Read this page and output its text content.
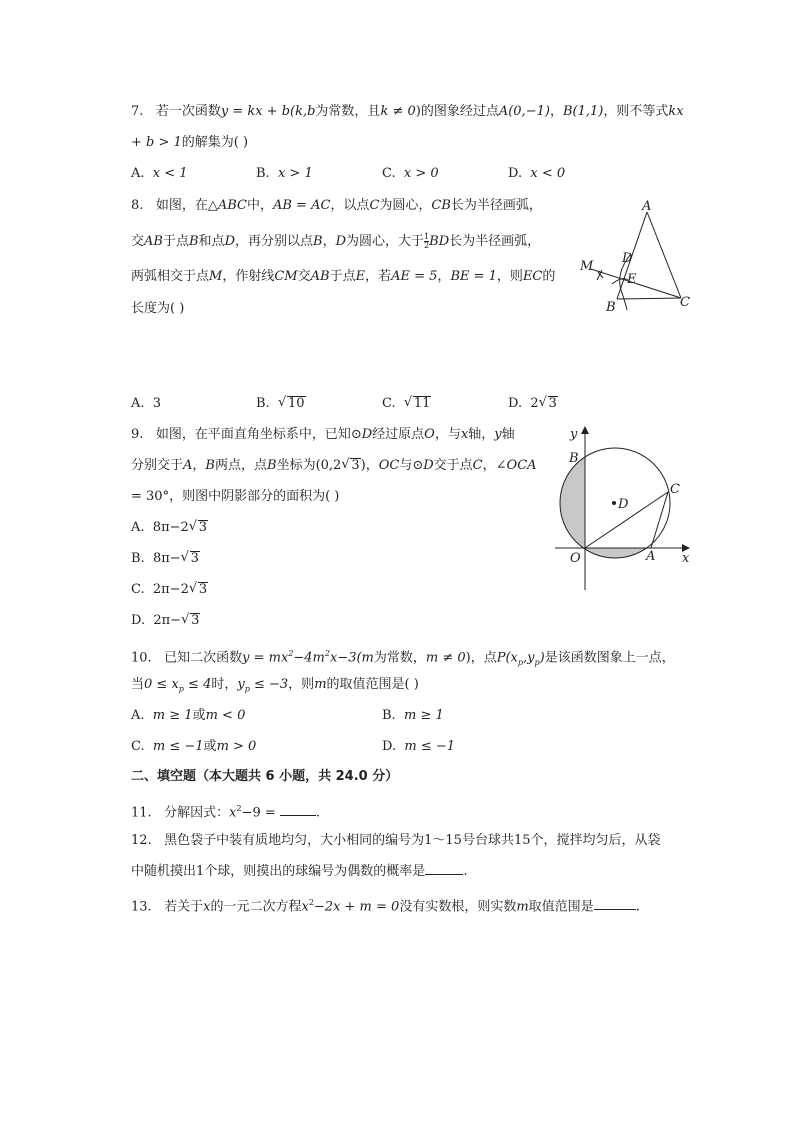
7. 若一次函数y = kx + b(k,b为常数，且k ≠ 0)的图象经过点A(0,−1)，B(1,1)，则不等式kx
+ b > 1的解集为( )
A. x < 1	B. x > 1	C. x > 0	D. x < 0
8. 如图，在△ABC中，AB = AC，以点C为圆心，CB长为半径画弧，
交AB于点B和点D，再分别以点B，D为圆心，大于 $\frac{1}{2}$ BD长为半径画弧，
两弧相交于点M，作射线CM交AB于点E，若AE = 5，BE = 1，则EC的
长度为( )
A
B	C
D
E
M
A. 3	B. √ 10	C. √ 11	D. 2 √ 3
9. 如图，在平面直角坐标系中，已知⊙D经过原点O，与x轴，y轴
分别交于A，B两点，点B坐标为(0,2 √ 3)，OC与⊙D交于点C，∠OCA
= 30°，则图中阴影部分的面积为( )
A. 8π−2 √ 3
B. 8π− √ 3
C. 2π−2 √ 3
D. 2π− √ 3
y
x
B
C
D
O	A
10. 已知二次函数$y = mx^2-4m^2x-3(m$为常数，m ≠ 0)，点$P(x_p,y_p)$是该函数图象上一点，
当$0 \le x_p \le 4$时，$y_p \le -3$，则m的取值范围是( )
A. m ≥ 1或m < 0	B. m ≥ 1
C. m ≤ −1或m > 0	D. m ≤ −1
二、填空题（本大题共 6 小题，共 24.0 分）
11. 分解因式：$x^2-9$ =	.
12. 黑色袋子中装有质地均匀，大小相同的编号为1～15号台球共15个，搅拌均匀后，从袋
中随机摸出1个球，则摸出的球编号为偶数的概率是	.
13. 若关于x的一元二次方程$x^2-2x + m = 0$没有实数根，则实数m取值范围是	.
